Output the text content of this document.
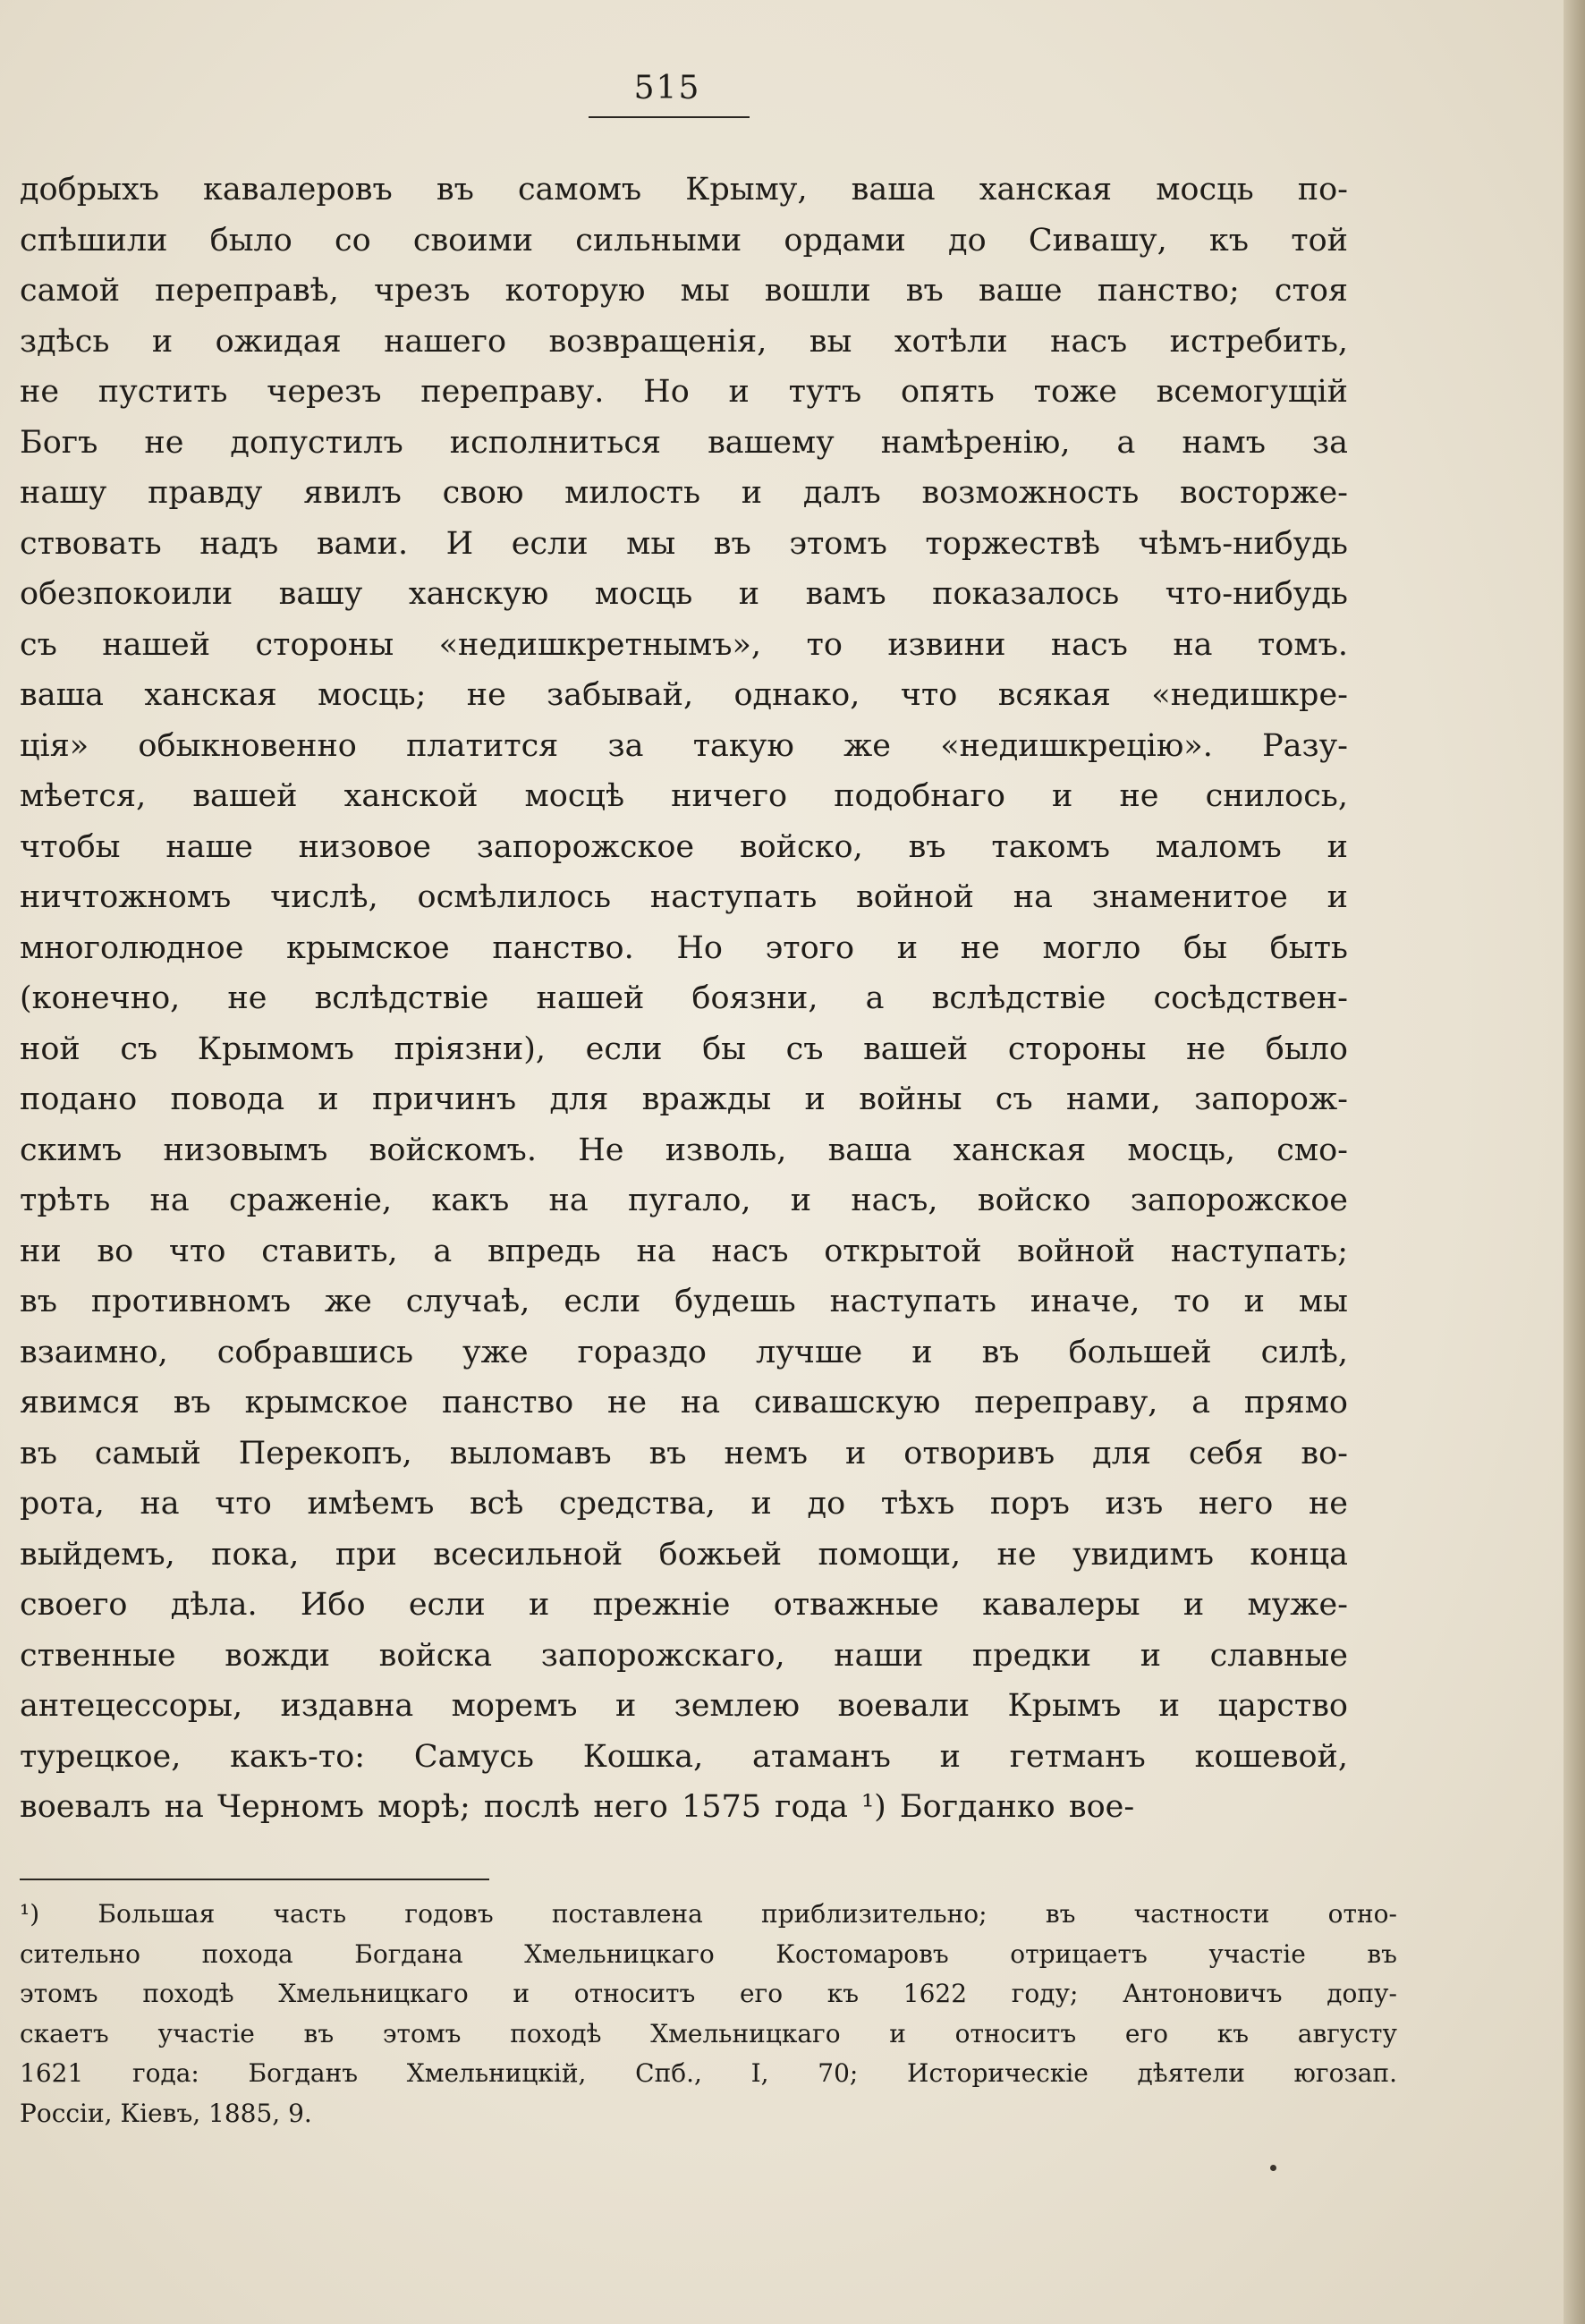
515
добрыхъ кавалеровъ въ самомъ Крыму, ваша ханская мосць по-
спѣшили было со своими сильными ордами до Сивашу, къ той
самой переправѣ, чрезъ которую мы вошли въ ваше панство; стоя
здѣсь и ожидая нашего возвращенія, вы хотѣли насъ истребить,
не пустить черезъ переправу. Но и тутъ опять тоже всемогущій
Богъ не допустилъ исполниться вашему намѣренію, а намъ за
нашу правду явилъ свою милость и далъ возможность восторже-
ствовать надъ вами. И если мы въ этомъ торжествѣ чѣмъ-нибудь
обезпокоили вашу ханскую мосць и вамъ показалось что-нибудь
съ нашей стороны «недишкретнымъ», то извини насъ на томъ.
ваша ханская мосць; не забывай, однако, что всякая «недишкре-
ція» обыкновенно платится за такую же «недишкрецію». Разу-
мѣется, вашей ханской мосцѣ ничего подобнаго и не снилось,
чтобы наше низовое запорожское войско, въ такомъ маломъ и
ничтожномъ числѣ, осмѣлилось наступать войной на знаменитое и
многолюдное крымское панство. Но этого и не могло бы быть
(конечно, не вслѣдствіе нашей боязни, а вслѣдствіе сосѣдствен-
ной съ Крымомъ пріязни), если бы съ вашей стороны не было
подано повода и причинъ для вражды и войны съ нами, запорож-
скимъ низовымъ войскомъ. Не изволь, ваша ханская мосць, смо-
трѣть на сраженіе, какъ на пугало, и насъ, войско запорожское
ни во что ставить, а впредь на насъ открытой войной наступать;
въ противномъ же случаѣ, если будешь наступать иначе, то и мы
взаимно, собравшись уже гораздо лучше и въ большей силѣ,
явимся въ крымское панство не на сивашскую переправу, а прямо
въ самый Перекопъ, выломавъ въ немъ и отворивъ для себя во-
рота, на что имѣемъ всѣ средства, и до тѣхъ поръ изъ него не
выйдемъ, пока, при всесильной божьей помощи, не увидимъ конца
своего дѣла. Ибо если и прежніе отважные кавалеры и муже-
ственные вожди войска запорожскаго, наши предки и славные
антецессоры, издавна моремъ и землею воевали Крымъ и царство
турецкое, какъ-то: Самусь Кошка, атаманъ и гетманъ кошевой,
воевалъ на Черномъ морѣ; послѣ него 1575 года ¹) Богданко вое-
¹) Большая часть годовъ поставлена приблизительно; въ частности отно-
сительно похода Богдана Хмельницкаго Костомаровъ отрицаетъ участіе въ
этомъ походѣ Хмельницкаго и относитъ его къ 1622 году; Антоновичъ допу-
скаетъ участіе въ этомъ походѣ Хмельницкаго и относитъ его къ августу
1621 года: Богданъ Хмельницкій, Спб., I, 70; Историческіе дѣятели югозап.
Россіи, Кіевъ, 1885, 9.
